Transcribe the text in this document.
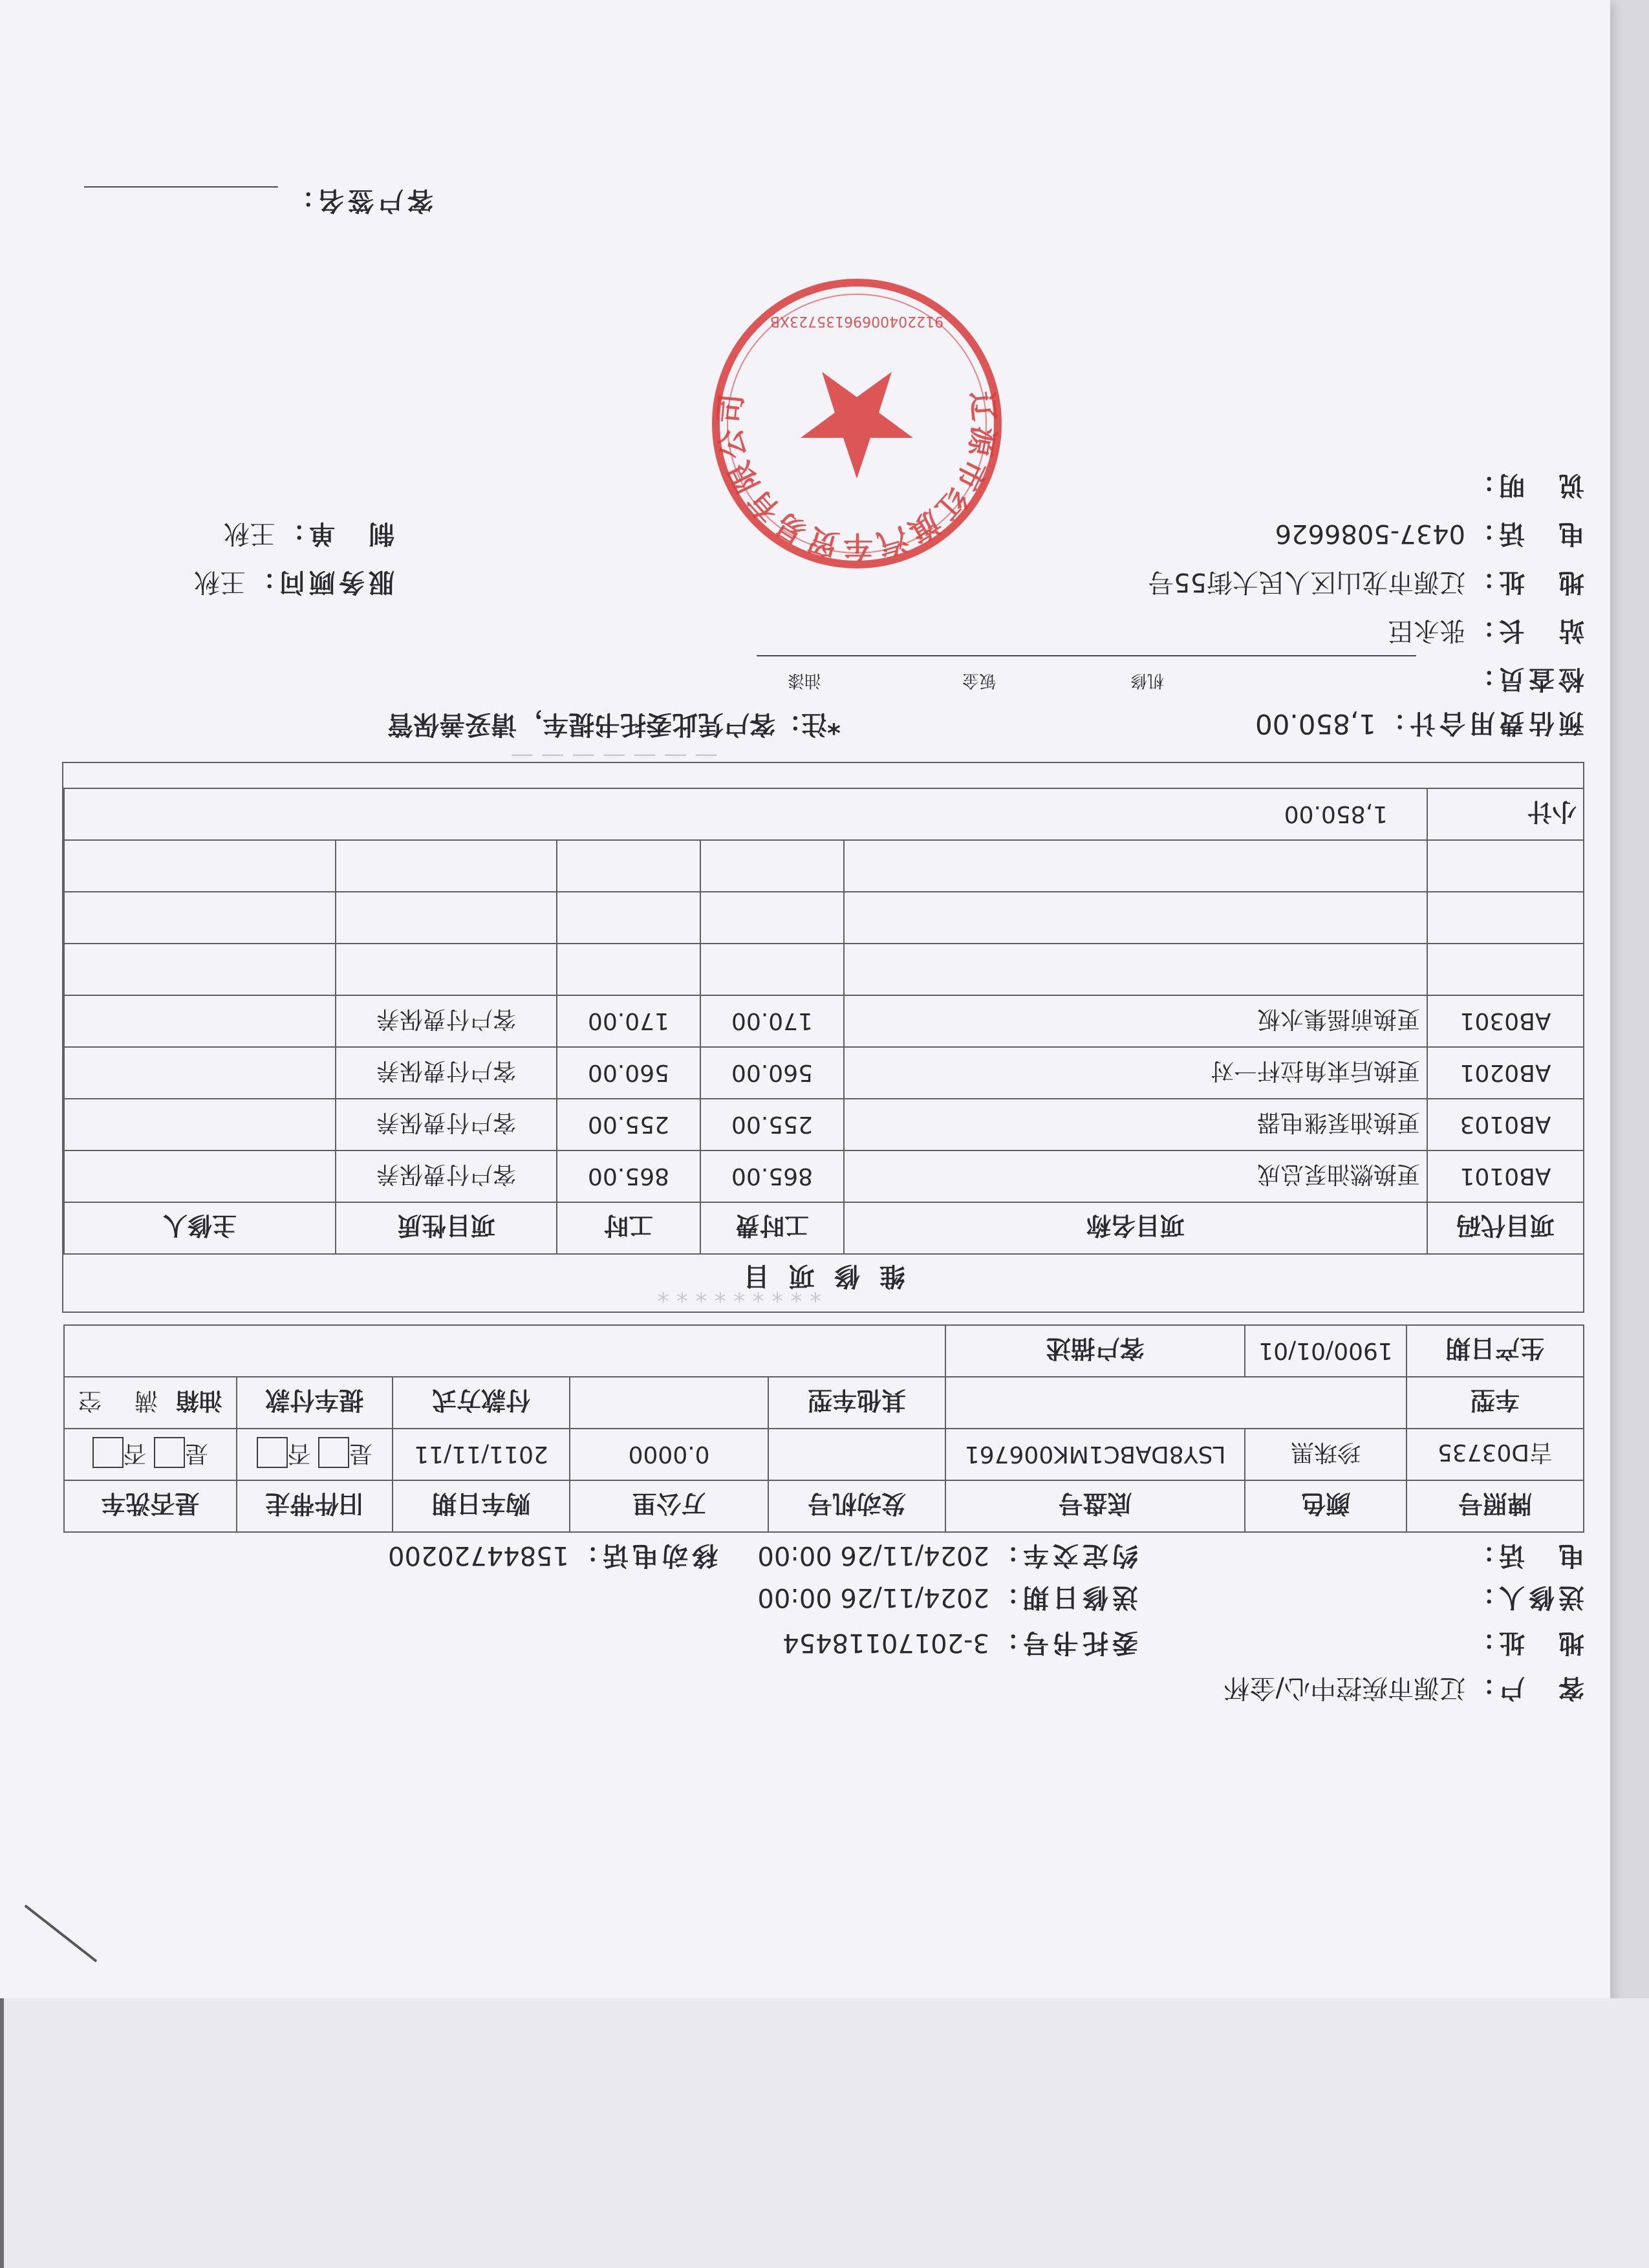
* * * * * * * * *
— — — — — — —
客　户：辽源市疾控中心/金杯
地　址：
委托书号：3-20170118454
送修人：
送修日期：2024/11/26 00:00
电　话：
约定交车：2024/11/26 00:00
移动电话：15844720200
牌照号	颜色	底盘号	发动机号	万公里	购车日期	旧件带走	是否洗车
吉D03735	珍珠黑	LSY8DABC1MK006761		0.0000	2011/11/11	是 否	是 否
车型			其他车型		付款方式	提车付款	油箱 满 空
生产日期	1900/01/01	客户描述					
维修项目
项目代码	项目名称	工时费	工时	项目性质	主修人
AB0101	更换燃油泵总成	865.00	865.00	客户付费保养	
AB0103	更换油泵继电器	255.00	255.00	客户付费保养	
AB0201	更换后束角拉杆一对	560.00	560.00	客户付费保养	
AB0301	更换前摇集水板	170.00	170.00	客户付费保养	

小计	1,850.00				
预估费用合计：1,850.00
*注：客户凭此委托书提车，请妥善保管
检查员：
机修
钣金
油漆
站　长：张永臣
地　址：辽源市龙山区人民大街55号
服务顾问：王秋
电　话：0437-5086626
制　单：王秋
说　明：
客户签名：
辽源市红旗汽车贸易有限公司
91220400696135723XB
